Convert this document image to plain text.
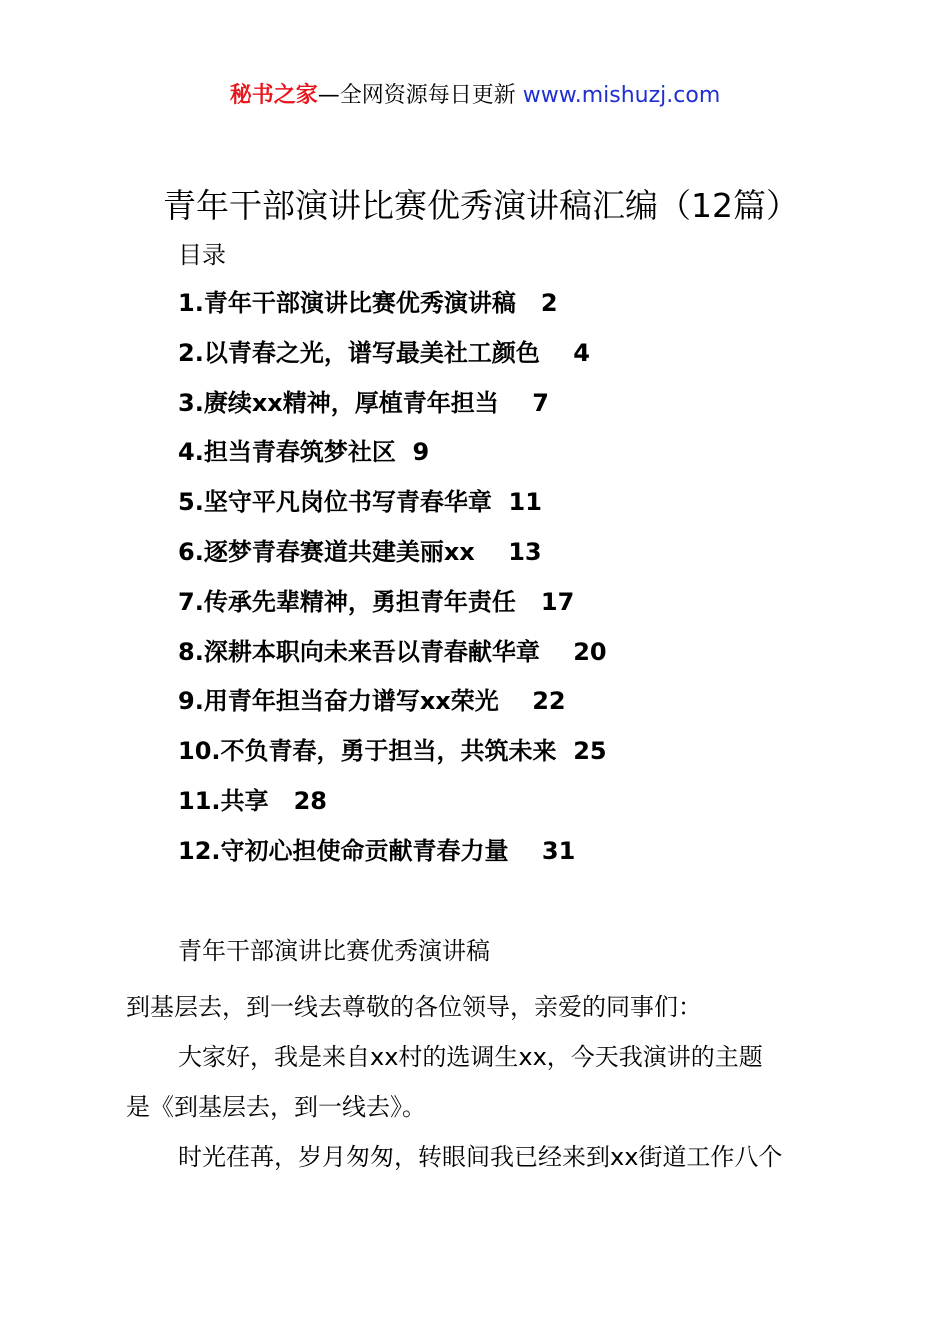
秘书之家—全网资源每日更新 www.mishuzj.com
青年干部演讲比赛优秀演讲稿汇编（12篇）
目录
1.青年干部演讲比赛优秀演讲稿   2
2.以青春之光，谱写最美社工颜色    4
3.赓续xx精神，厚植青年担当    7
4.担当青春筑梦社区  9
5.坚守平凡岗位书写青春华章  11
6.逐梦青春赛道共建美丽xx    13
7.传承先辈精神，勇担青年责任   17
8.深耕本职向未来吾以青春献华章    20
9.用青年担当奋力谱写xx荣光    22
10.不负青春，勇于担当，共筑未来  25
11.共享   28
12.守初心担使命贡献青春力量    31
青年干部演讲比赛优秀演讲稿

到基层去，到一线去尊敬的各位领导，亲爱的同事们：

大家好，我是来自xx村的选调生xx，今天我演讲的主题

是《到基层去，到一线去》。

时光荏苒，岁月匆匆，转眼间我已经来到xx街道工作八个
